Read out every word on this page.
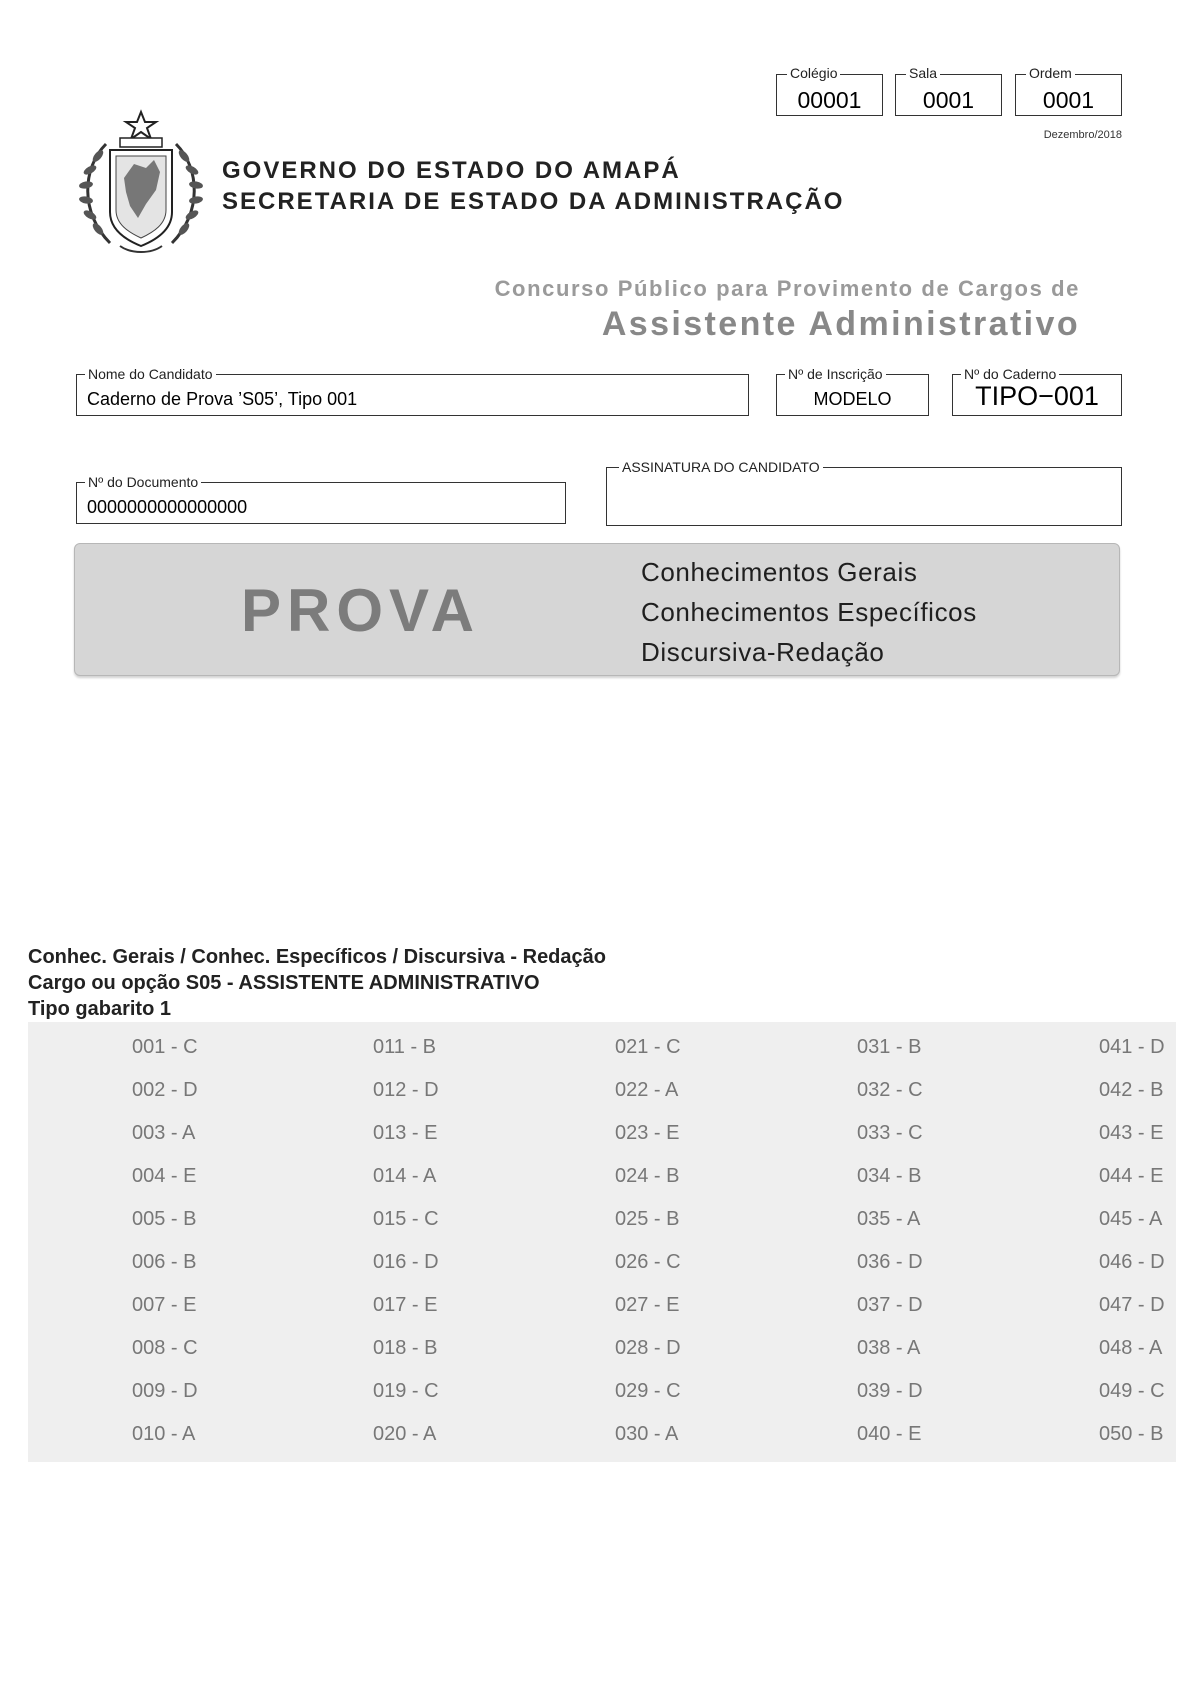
Colégio
00001
Sala
0001
Ordem
0001
Dezembro/2018
GOVERNO DO ESTADO DO AMAPÁ
SECRETARIA DE ESTADO DA ADMINISTRAÇÃO
Concurso Público para Provimento de Cargos de
Assistente Administrativo
Nome do Candidato
Caderno de Prova ’S05’, Tipo 001
Nº de Inscrição
MODELO
Nº do Caderno
TIPO−001
Nº do Documento
0000000000000000
ASSINATURA DO CANDIDATO
PROVA
Conhecimentos Gerais
Conhecimentos Específicos
Discursiva-Redação
Conhec. Gerais / Conhec. Específicos / Discursiva - Redação
Cargo ou opção S05 - ASSISTENTE ADMINISTRATIVO
Tipo gabarito 1
001 - C
002 - D
003 - A
004 - E
005 - B
006 - B
007 - E
008 - C
009 - D
010 - A
011 - B
012 - D
013 - E
014 - A
015 - C
016 - D
017 - E
018 - B
019 - C
020 - A
021 - C
022 - A
023 - E
024 - B
025 - B
026 - C
027 - E
028 - D
029 - C
030 - A
031 - B
032 - C
033 - C
034 - B
035 - A
036 - D
037 - D
038 - A
039 - D
040 - E
041 - D
042 - B
043 - E
044 - E
045 - A
046 - D
047 - D
048 - A
049 - C
050 - B
